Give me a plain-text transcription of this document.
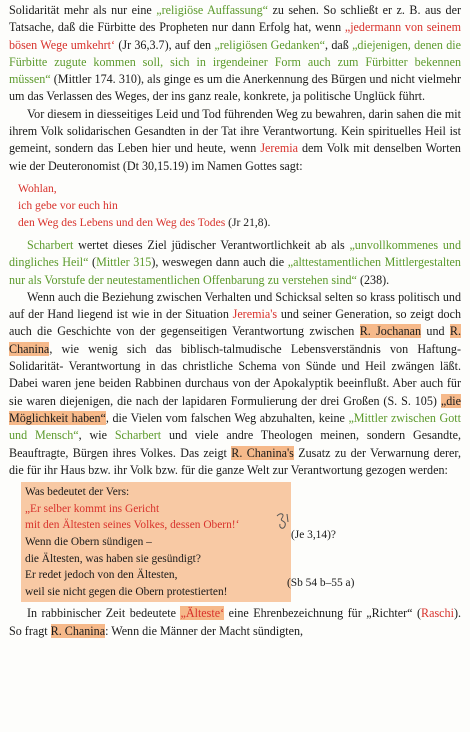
Solidarität mehr als nur eine „religiöse Auffassung“ zu sehen. So schließt er z. B. aus der Tatsache, daß die Fürbitte des Propheten nur dann Erfolg hat, wenn „jedermann von seinem bösen Wege umkehrt‘ (Jr 36,3.7), auf den „religiösen Gedanken“, daß „diejenigen, denen die Fürbitte zugute kommen soll, sich in irgendeiner Form auch zum Fürbitter bekennen müssen“ (Mittler 174. 310), als ginge es um die Anerkennung des Bürgen und nicht vielmehr um das Verlassen des Weges, der ins ganz reale, konkrete, ja politische Unglück führt.

Vor diesem in diesseitiges Leid und Tod führenden Weg zu bewahren, darin sahen die mit ihrem Volk solidarischen Gesandten in der Tat ihre Verantwortung. Kein spirituelles Heil ist gemeint, sondern das Leben hier und heute, wenn Jeremia dem Volk mit denselben Worten wie der Deuteronomist (Dt 30,15.19) im Namen Gottes sagt:

Wohlan,
ich gebe vor euch hin
den Weg des Lebens und den Weg des Todes (Jr 21,8).

Scharbert wertet dieses Ziel jüdischer Verantwortlichkeit ab als „unvollkommenes und dingliches Heil“ (Mittler 315), weswegen dann auch die „alttestamentlichen Mittlergestalten nur als Vorstufe der neutestamentlichen Offenbarung zu verstehen sind“ (238).

Wenn auch die Beziehung zwischen Verhalten und Schicksal selten so krass politisch und auf der Hand liegend ist wie in der Situation Jeremia's und seiner Generation, so zeigt doch auch die Geschichte von der gegenseitigen Verantwortung zwischen R. Jochanan und R. Chanina, wie wenig sich das biblisch-talmudische Lebensverständnis von Haftung- Solidarität- Verantwortung in das christliche Schema von Sünde und Heil zwängen läßt. Dabei waren jene beiden Rabbinen durchaus von der Apokalyptik beeinflußt. Aber auch für sie waren diejenigen, die nach der lapidaren Formulierung der drei Großen (S. S. 105) „die Möglichkeit haben“, die Vielen vom falschen Weg abzuhalten, keine „Mittler zwischen Gott und Mensch“, wie Scharbert und viele andre Theologen meinen, sondern Gesandte, Beauftragte, Bürgen ihres Volkes. Das zeigt R. Chanina's Zusatz zu der Verwarnung derer, die für ihr Haus bzw. ihr Volk bzw. für die ganze Welt zur Verantwortung gezogen werden:

Was bedeutet der Vers:
„Er selber kommt ins Gericht
mit den Ältesten seines Volkes, dessen Obern!‘
Wenn die Obern sündigen –
die Ältesten, was haben sie gesündigt?
Er redet jedoch von den Ältesten,
weil sie nicht gegen die Obern protestierten!
(Je 3,14)?
(Sb 54 b–55 a)

In rabbinischer Zeit bedeutete „Älteste‘ eine Ehrenbezeichnung für „Richter“ (Raschi). So fragt R. Chanina: Wenn die Männer der Macht sündigten,
